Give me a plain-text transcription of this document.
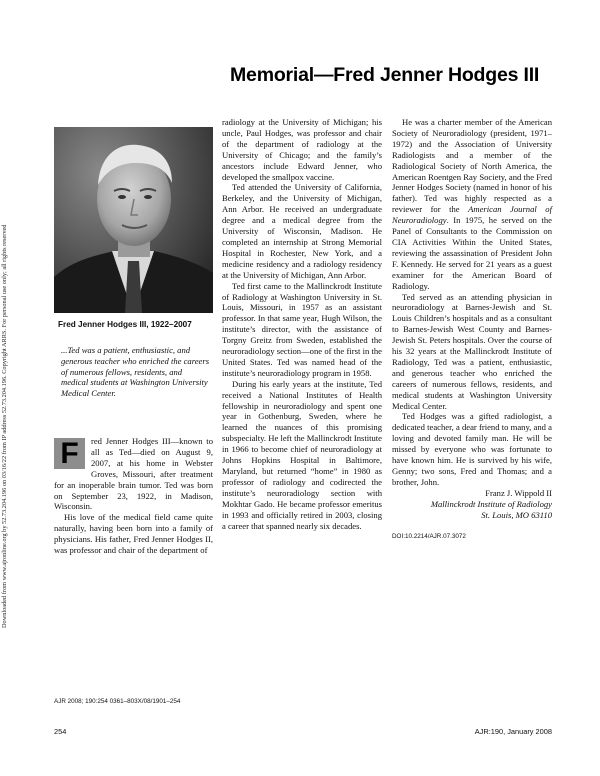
Downloaded from www.ajronline.org by 52.73.204.196 on 03/16/22 from IP address 52.73.204.196. Copyright ARRS. For personal use only; all rights reserved
Memorial—Fred Jenner Hodges III
Fred Jenner Hodges III, 1922–2007
...Ted was a patient, enthusiastic, and generous teacher who enriched the careers of numerous fellows, residents, and medical students at Washington University Medical Center.

F	red Jenner Hodges III—known to all as Ted—died on August 9, 2007, at his home in Webster Groves, Missouri, after treatment for an inoperable brain tumor. Ted was born on September 23, 1922, in Madison, Wisconsin.

His love of the medical field came quite naturally, having been born into a family of physicians. His father, Fred Jenner Hodges II, was professor and chair of the department of

radiology at the University of Michigan; his uncle, Paul Hodges, was professor and chair of the department of radiology at the University of Chicago; and the family’s ancestors include Edward Jenner, who developed the smallpox vaccine.

Ted attended the University of California, Berkeley, and the University of Michigan, Ann Arbor. He received an undergraduate degree and a medical degree from the University of Wisconsin, Madison. He completed an internship at Strong Memorial Hospital in Rochester, New York, and a medicine residency and a radiology residency at the University of Michigan, Ann Arbor.

Ted first came to the Mallinckrodt Institute of Radiology at Washington University in St. Louis, Missouri, in 1957 as an assistant professor. In that same year, Hugh Wilson, the institute’s director, with the assistance of Torgny Greitz from Sweden, established the neuroradiology section—one of the first in the United States. Ted was named head of the institute’s neuroradiology program in 1958.

During his early years at the institute, Ted received a National Institutes of Health fellowship in neuroradiology and spent one year in Gothenburg, Sweden, where he learned the nuances of this promising subspecialty. He left the Mallinckrodt Institute in 1966 to become chief of neuroradiology at Johns Hopkins Hospital in Baltimore, Maryland, but returned “home” in 1980 as professor of radiology and codirected the institute’s neuroradiology section with Mokhtar Gado. He became professor emeritus in 1993 and officially retired in 2003, closing a career that spanned nearly six decades.

He was a charter member of the American Society of Neuroradiology (president, 1971–1972) and the Association of University Radiologists and a member of the Radiological Society of North America, the American Roentgen Ray Society, and the Fred Jenner Hodges Society (named in honor of his father). Ted was highly respected as a reviewer for the American Journal of Neuroradiology. In 1975, he served on the Panel of Consultants to the Commission on CIA Activities Within the United States, reviewing the assassination of President John F. Kennedy. He served for 21 years as a guest examiner for the American Board of Radiology.

Ted served as an attending physician in neuroradiology at Barnes-Jewish and St. Louis Children’s hospitals and as a consultant to Barnes-Jewish West County and Barnes-Jewish St. Peters hospitals. Over the course of his 32 years at the Mallinckrodt Institute of Radiology, Ted was a patient, enthusiastic, and generous teacher who enriched the careers of numerous fellows, residents, and medical students at Washington University Medical Center.

Ted Hodges was a gifted radiologist, a dedicated teacher, a dear friend to many, and a loving and devoted family man. He will be missed by everyone who was fortunate to have known him. He is survived by his wife, Genny; two sons, Fred and Thomas; and a brother, John.

Franz J. Wippold II

Mallinckrodt Institute of Radiology

St. Louis, MO 63110

DOI:10.2214/AJR.07.3072
AJR 2008; 190:254 0361–803X/08/1901–254
254	AJR:190, January 2008
